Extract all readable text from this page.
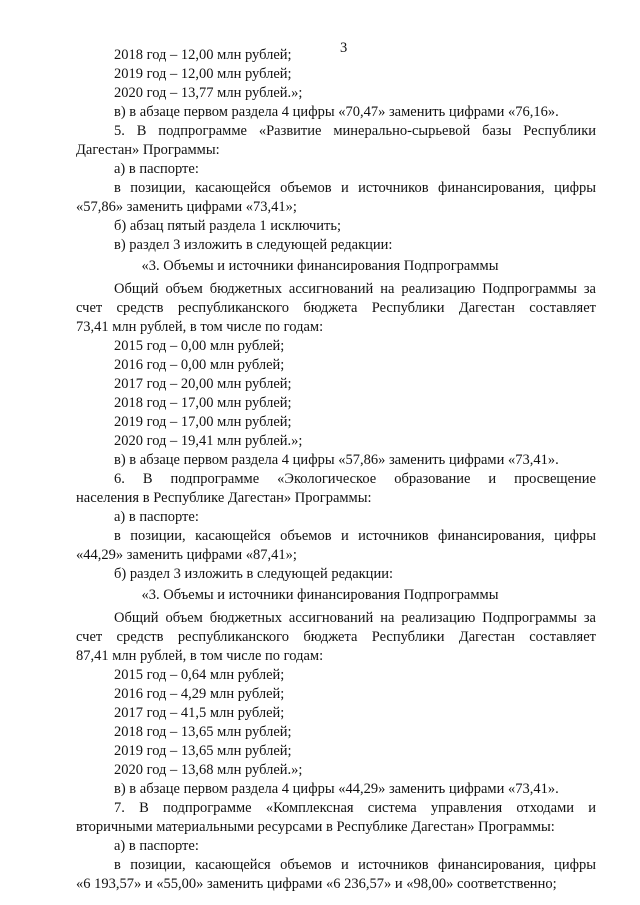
3
2018 год – 12,00 млн рублей;
2019 год – 12,00 млн рублей;
2020 год – 13,77 млн рублей.»;
в) в абзаце первом раздела 4 цифры «70,47» заменить цифрами «76,16».
5. В подпрограмме «Развитие минерально-сырьевой базы Республики
Дагестан» Программы:
а) в паспорте:
в позиции, касающейся объемов и источников финансирования, цифры
«57,86» заменить цифрами «73,41»;
б) абзац пятый раздела 1 исключить;
в) раздел 3 изложить в следующей редакции:
«3. Объемы и источники финансирования Подпрограммы
Общий объем бюджетных ассигнований на реализацию Подпрограммы за
счет средств республиканского бюджета Республики Дагестан составляет
73,41 млн рублей, в том числе по годам:
2015 год – 0,00 млн рублей;
2016 год – 0,00 млн рублей;
2017 год – 20,00 млн рублей;
2018 год – 17,00 млн рублей;
2019 год – 17,00 млн рублей;
2020 год – 19,41 млн рублей.»;
в) в абзаце первом раздела 4 цифры «57,86» заменить цифрами «73,41».
6. В подпрограмме «Экологическое образование и просвещение
населения в Республике Дагестан» Программы:
а) в паспорте:
в позиции, касающейся объемов и источников финансирования, цифры
«44,29» заменить цифрами «87,41»;
б) раздел 3 изложить в следующей редакции:
«3. Объемы и источники финансирования Подпрограммы
Общий объем бюджетных ассигнований на реализацию Подпрограммы за
счет средств республиканского бюджета Республики Дагестан составляет
87,41 млн рублей, в том числе по годам:
2015 год – 0,64 млн рублей;
2016 год – 4,29 млн рублей;
2017 год – 41,5 млн рублей;
2018 год – 13,65 млн рублей;
2019 год – 13,65 млн рублей;
2020 год – 13,68 млн рублей.»;
в) в абзаце первом раздела 4 цифры «44,29» заменить цифрами «73,41».
7. В подпрограмме «Комплексная система управления отходами и
вторичными материальными ресурсами в Республике Дагестан» Программы:
а) в паспорте:
в позиции, касающейся объемов и источников финансирования, цифры
«6 193,57» и «55,00» заменить цифрами «6 236,57» и «98,00» соответственно;
